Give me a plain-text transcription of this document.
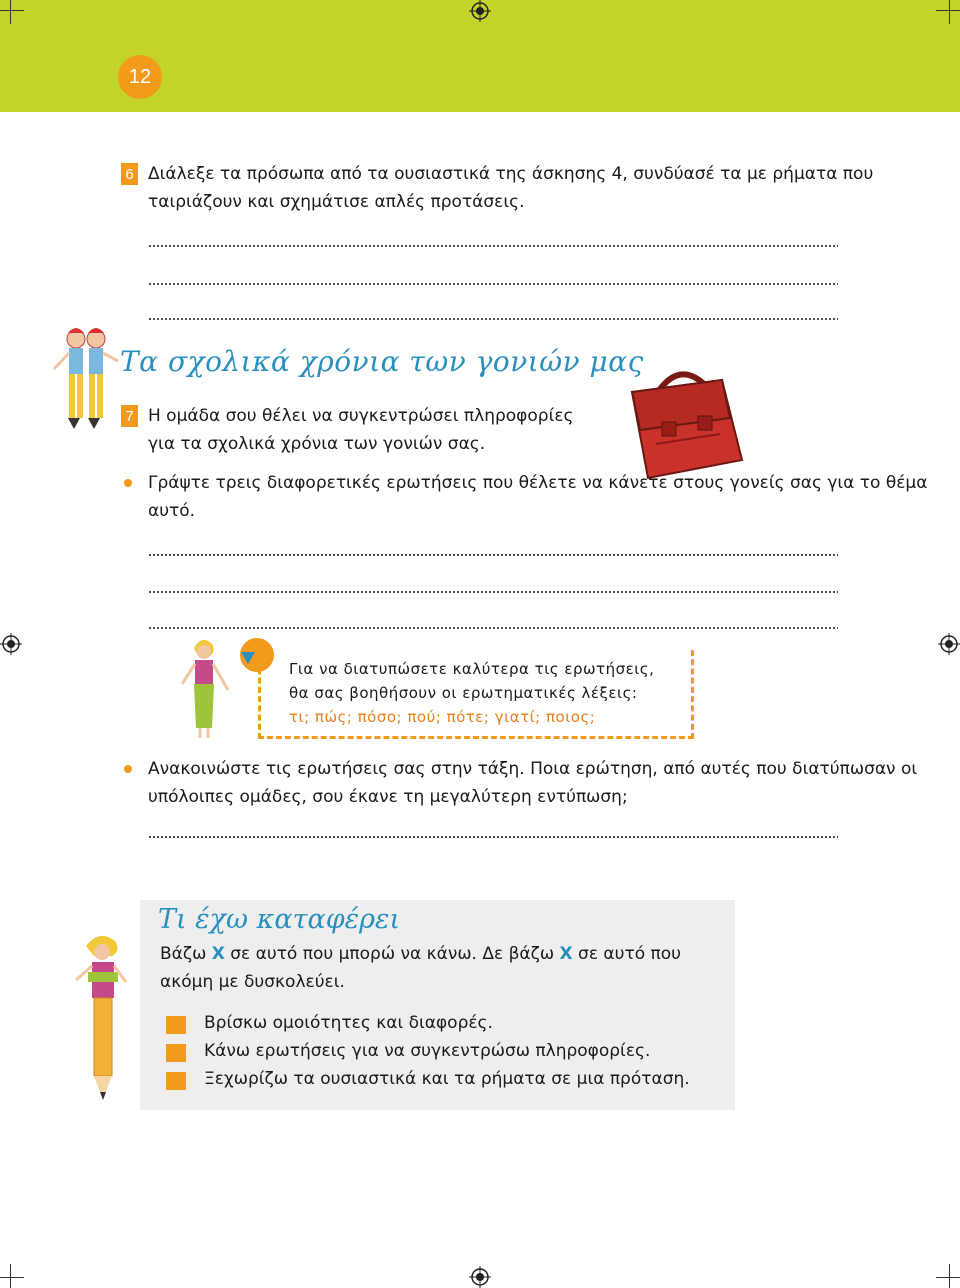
12
6 Διάλεξε τα πρόσωπα από τα ουσιαστικά της άσκησης 4, συνδύασέ τα με ρήματα που
ταιριάζουν και σχημάτισε απλές προτάσεις.
Τα σχολικά χρόνια των γονιών μας
7 Η ομάδα σου θέλει να συγκεντρώσει πληροφορίες
για τα σχολικά χρόνια των γονιών σας.
Γράψτε τρεις διαφορετικές ερωτήσεις που θέλετε να κάνετε στους γονείς σας για το θέμα
αυτό.
Για να διατυπώσετε καλύτερα τις ερωτήσεις,
θα σας βοηθήσουν οι ερωτηματικές λέξεις:
τι; πώς; πόσο; πού; πότε; γιατί; ποιος;
Ανακοινώστε τις ερωτήσεις σας στην τάξη. Ποια ερώτηση, από αυτές που διατύπωσαν οι
υπόλοιπες ομάδες, σου έκανε τη μεγαλύτερη εντύπωση;
Τι έχω καταφέρει
Βάζω X σε αυτό που μπορώ να κάνω. Δε βάζω X σε αυτό που
ακόμη με δυσκολεύει.
Βρίσκω ομοιότητες και διαφορές.
Κάνω ερωτήσεις για να συγκεντρώσω πληροφορίες.
Ξεχωρίζω τα ουσιαστικά και τα ρήματα σε μια πρόταση.
